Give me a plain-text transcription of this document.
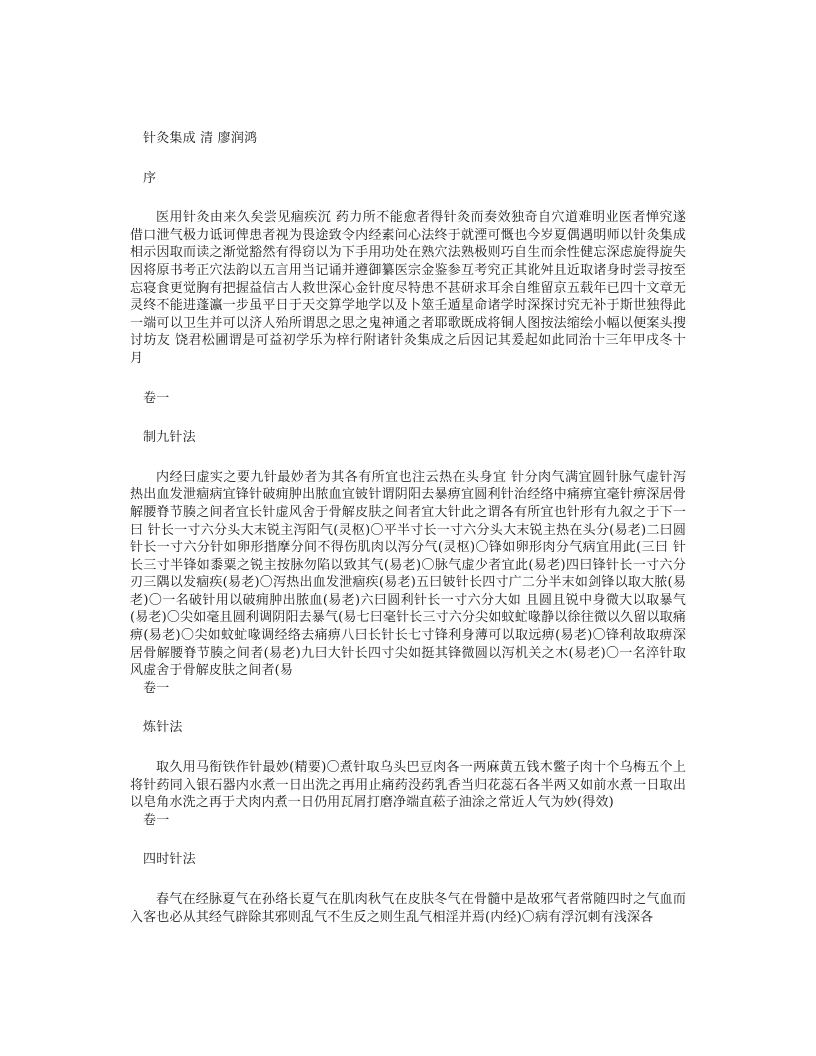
针灸集成 清 廖润鸿

序

医用针灸由来久矣尝见痼疾沉 药力所不能愈者得针灸而奏效独奇自穴道难明业医者惮究遂借口泄气极力诋诃俾患者视为畏途致令内经素问心法终于就湮可慨也今岁夏偶遇明师以针灸集成相示因取而读之渐觉豁然有得窃以为下手用功处在熟穴法熟极则巧自生而余性健忘深虑旋得旋失因将原书考正穴法韵以五言用当记诵并遵御纂医宗金鉴参互考究正其讹舛且近取诸身时尝寻按至忘寝食更觉胸有把握益信古人救世深心金针度尽特患不甚研求耳余自维留京五载年已四十文章无灵终不能进蓬瀛一步虽平日于天交算学地学以及卜筮壬遁星命诸学时深探讨究无补于斯世独得此一端可以卫生并可以济人殆所谓思之思之鬼神通之者耶歌既成将铜人图按法缩绘小幅以便案头搜讨坊友 饶君松圃谓是可益初学乐为梓行附诸针灸集成之后因记其爰起如此同治十三年甲戌冬十月

卷一

制九针法

内经曰虚实之要九针最妙者为其各有所宜也注云热在头身宜 针分肉气满宜圆针脉气虚针泻热出血发泄痼病宜锋针破痈肿出脓血宜铍针谓阴阳去暴痹宜圆利针治经络中痛痹宜毫针痹深居骨解腰脊节腠之间者宜长针虚风舍于骨解皮肤之间者宜大针此之谓各有所宜也针形有九叙之于下一曰 针长一寸六分头大末锐主泻阳气(灵枢)〇平半寸长一寸六分头大末锐主热在头分(易老)二曰圆针长一寸六分针如卵形揩摩分间不得伤肌肉以泻分气(灵枢)〇锋如卵形肉分气病宜用此(三曰 针长三寸半锋如黍粟之锐主按脉勿陷以致其气(易老)〇脉气虚少者宜此(易老)四曰锋针长一寸六分刃三隅以发痼疾(易老)〇泻热出血发泄痼疾(易老)五曰铍针长四寸广二分半末如剑锋以取大脓(易老)〇一名破针用以破痈肿出脓血(易老)六曰圆利针长一寸六分大如 且圆且锐中身微大以取暴气(易老)〇尖如毫且圆利调阴阳去暴气(易七曰毫针长三寸六分尖如蚊虻喙静以徐往微以久留以取痛痹(易老)〇尖如蚊虻喙调经络去痛痹八曰长针长七寸锋利身薄可以取远痹(易老)〇锋利故取痹深居骨解腰脊节腠之间者(易老)九曰大针长四寸尖如挺其锋微圆以泻机关之木(易老)〇一名淬针取风虚舍于骨解皮肤之间者(易

卷一

炼针法

取久用马衔铁作针最妙(精要)〇煮针取乌头巴豆肉各一两麻黄五钱木鳖子肉十个乌梅五个上将针药同入银石器内水煮一日出洗之再用止痛药没药乳香当归花蕊石各半两又如前水煮一日取出以皂角水洗之再于犬肉内煮一日仍用瓦屑打磨净端直菘子油涂之常近人气为妙(得效)

卷一

四时针法

春气在经脉夏气在孙络长夏气在肌肉秋气在皮肤冬气在骨髓中是故邪气者常随四时之气血而入客也必从其经气辟除其邪则乱气不生反之则生乱气相淫并焉(内经)〇病有浮沉刺有浅深各
